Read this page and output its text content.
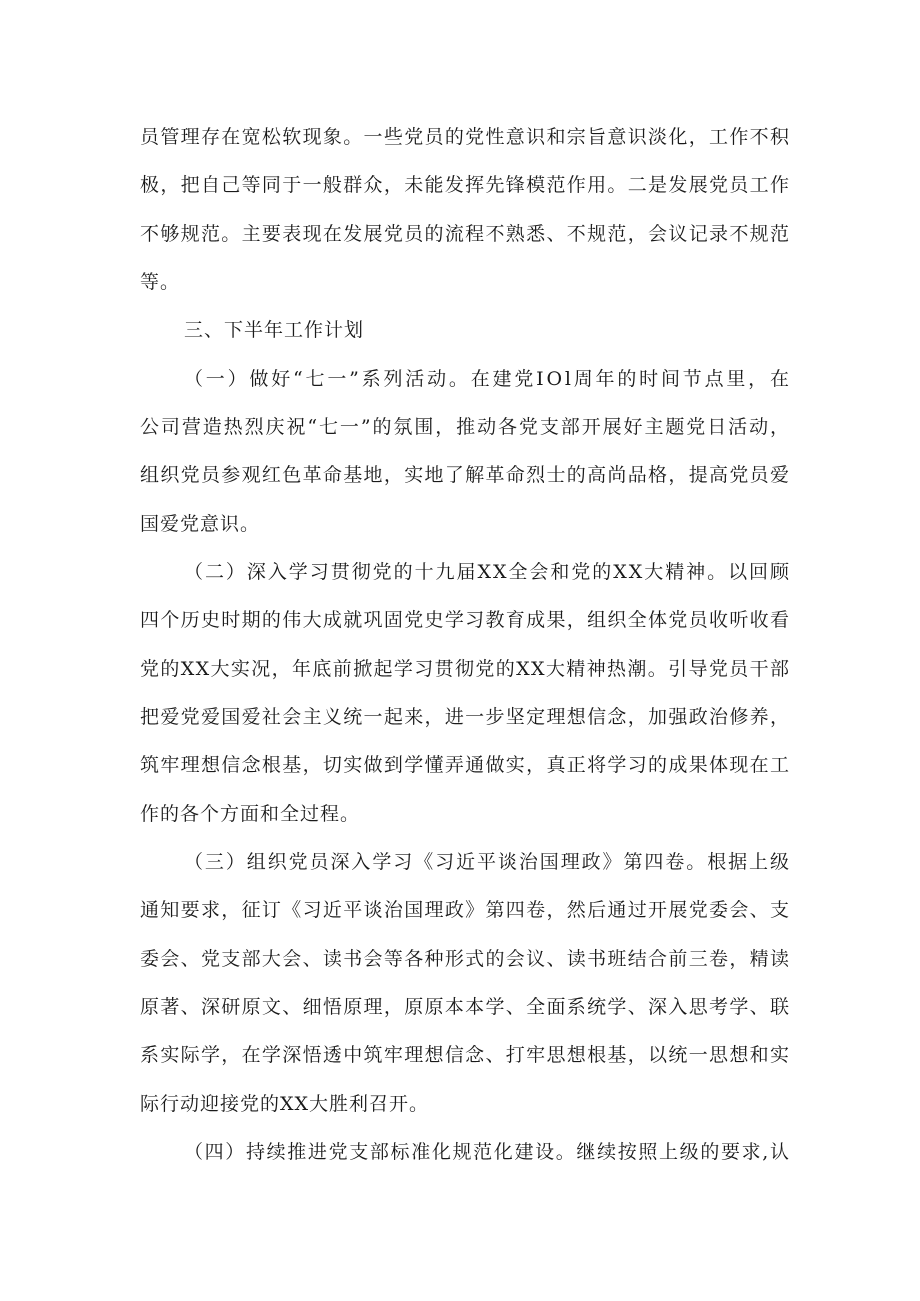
员管理存在宽松软现象。一些党员的党性意识和宗旨意识淡化，工作不积

极，把自己等同于一般群众，未能发挥先锋模范作用。二是发展党员工作

不够规范。主要表现在发展党员的流程不熟悉、不规范，会议记录不规范

等。

三、下半年工作计划

（一）做好“七一”系列活动。在建党IOl周年的时间节点里，在

公司营造热烈庆祝“七一”的氛围，推动各党支部开展好主题党日活动，

组织党员参观红色革命基地，实地了解革命烈士的高尚品格，提高党员爱

国爱党意识。

（二）深入学习贯彻党的十九届XX全会和党的XX大精神。以回顾

四个历史时期的伟大成就巩固党史学习教育成果，组织全体党员收听收看

党的XX大实况，年底前掀起学习贯彻党的XX大精神热潮。引导党员干部

把爱党爱国爱社会主义统一起来，进一步坚定理想信念，加强政治修养，

筑牢理想信念根基，切实做到学懂弄通做实，真正将学习的成果体现在工

作的各个方面和全过程。

（三）组织党员深入学习《习近平谈治国理政》第四卷。根据上级

通知要求，征订《习近平谈治国理政》第四卷，然后通过开展党委会、支

委会、党支部大会、读书会等各种形式的会议、读书班结合前三卷，精读

原著、深研原文、细悟原理，原原本本学、全面系统学、深入思考学、联

系实际学，在学深悟透中筑牢理想信念、打牢思想根基，以统一思想和实

际行动迎接党的XX大胜利召开。

（四）持续推进党支部标准化规范化建设。继续按照上级的要求,认
